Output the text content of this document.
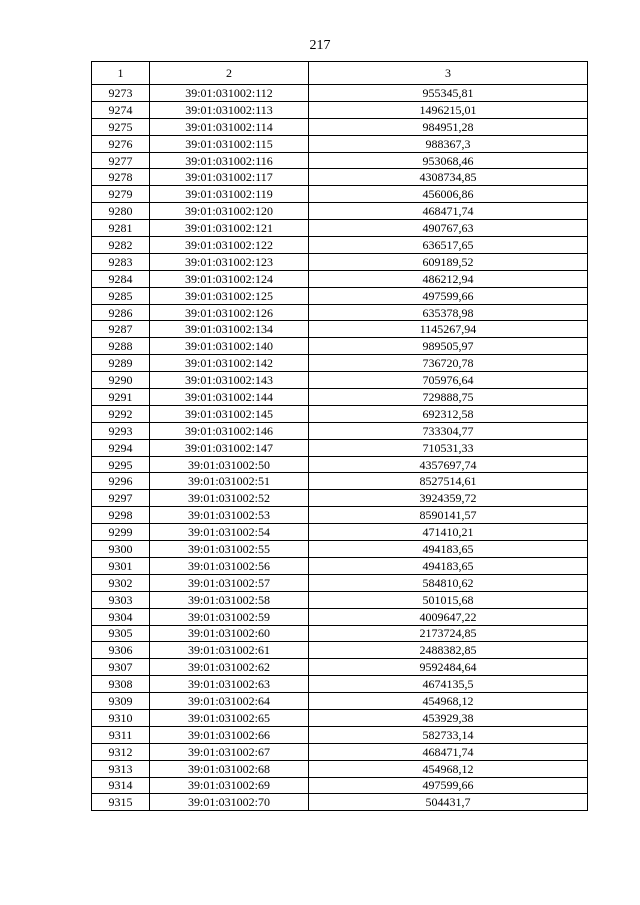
217
1	2	3
9273	39:01:031002:112	955345,81
9274	39:01:031002:113	1496215,01
9275	39:01:031002:114	984951,28
9276	39:01:031002:115	988367,3
9277	39:01:031002:116	953068,46
9278	39:01:031002:117	4308734,85
9279	39:01:031002:119	456006,86
9280	39:01:031002:120	468471,74
9281	39:01:031002:121	490767,63
9282	39:01:031002:122	636517,65
9283	39:01:031002:123	609189,52
9284	39:01:031002:124	486212,94
9285	39:01:031002:125	497599,66
9286	39:01:031002:126	635378,98
9287	39:01:031002:134	1145267,94
9288	39:01:031002:140	989505,97
9289	39:01:031002:142	736720,78
9290	39:01:031002:143	705976,64
9291	39:01:031002:144	729888,75
9292	39:01:031002:145	692312,58
9293	39:01:031002:146	733304,77
9294	39:01:031002:147	710531,33
9295	39:01:031002:50	4357697,74
9296	39:01:031002:51	8527514,61
9297	39:01:031002:52	3924359,72
9298	39:01:031002:53	8590141,57
9299	39:01:031002:54	471410,21
9300	39:01:031002:55	494183,65
9301	39:01:031002:56	494183,65
9302	39:01:031002:57	584810,62
9303	39:01:031002:58	501015,68
9304	39:01:031002:59	4009647,22
9305	39:01:031002:60	2173724,85
9306	39:01:031002:61	2488382,85
9307	39:01:031002:62	9592484,64
9308	39:01:031002:63	4674135,5
9309	39:01:031002:64	454968,12
9310	39:01:031002:65	453929,38
9311	39:01:031002:66	582733,14
9312	39:01:031002:67	468471,74
9313	39:01:031002:68	454968,12
9314	39:01:031002:69	497599,66
9315	39:01:031002:70	504431,7
